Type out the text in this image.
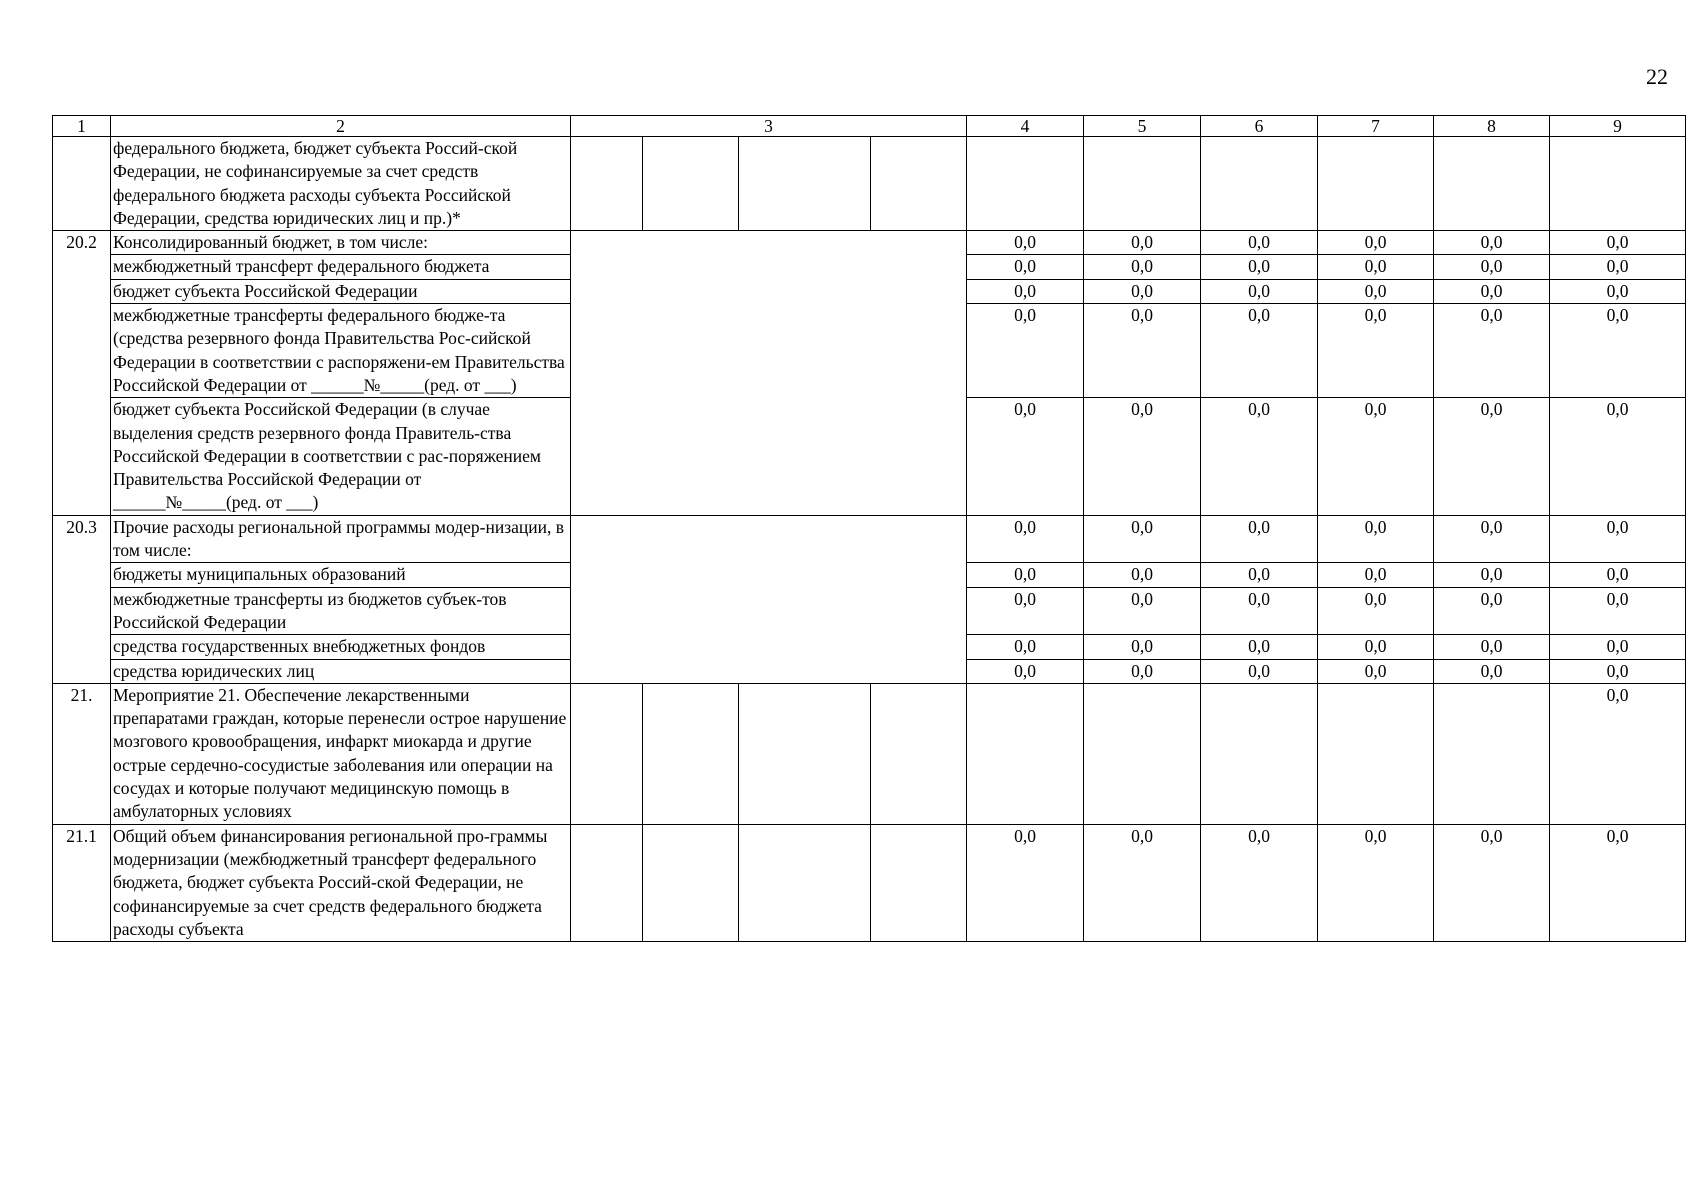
22
1	2	3				4	5	6	7	8	9
	федерального бюджета, бюджет субъекта Россий-ской Федерации, не софинансируемые за счет средств федерального бюджета расходы субъекта Российской Федерации, средства юридических лиц и пр.)*										
20.2	Консолидированный бюджет, в том числе:					0,0	0,0	0,0	0,0	0,0	0,0
	межбюджетный трансферт федерального бюджета					0,0	0,0	0,0	0,0	0,0	0,0
	бюджет субъекта Российской Федерации					0,0	0,0	0,0	0,0	0,0	0,0
	межбюджетные трансферты федерального бюдже-та (средства резервного фонда Правительства Рос-сийской Федерации в соответствии с распоряжени-ем Правительства Российской Федерации от ______№_____(ред. от ___)					0,0	0,0	0,0	0,0	0,0	0,0
	бюджет субъекта Российской Федерации (в случае выделения средств резервного фонда Правитель-ства Российской Федерации в соответствии с рас-поряжением Правительства Российской Федерации от ______№_____(ред. от ___)					0,0	0,0	0,0	0,0	0,0	0,0
20.3	Прочие расходы региональной программы модер-низации, в том числе:					0,0	0,0	0,0	0,0	0,0	0,0
	бюджеты муниципальных образований					0,0	0,0	0,0	0,0	0,0	0,0
	межбюджетные трансферты из бюджетов субъек-тов Российской Федерации					0,0	0,0	0,0	0,0	0,0	0,0
	средства государственных внебюджетных фондов					0,0	0,0	0,0	0,0	0,0	0,0
	средства юридических лиц					0,0	0,0	0,0	0,0	0,0	0,0
21.	Мероприятие 21. Обеспечение лекарственными препаратами граждан, которые перенесли острое нарушение мозгового кровообращения, инфаркт миокарда и другие острые сердечно-сосудистые заболевания или операции на сосудах и которые получают медицинскую помощь в амбулаторных условиях										0,0
21.1	Общий объем финансирования региональной про-граммы модернизации (межбюджетный трансферт федерального бюджета, бюджет субъекта Россий-ской Федерации, не софинансируемые за счет средств федерального бюджета расходы субъекта					0,0	0,0	0,0	0,0	0,0	0,0
